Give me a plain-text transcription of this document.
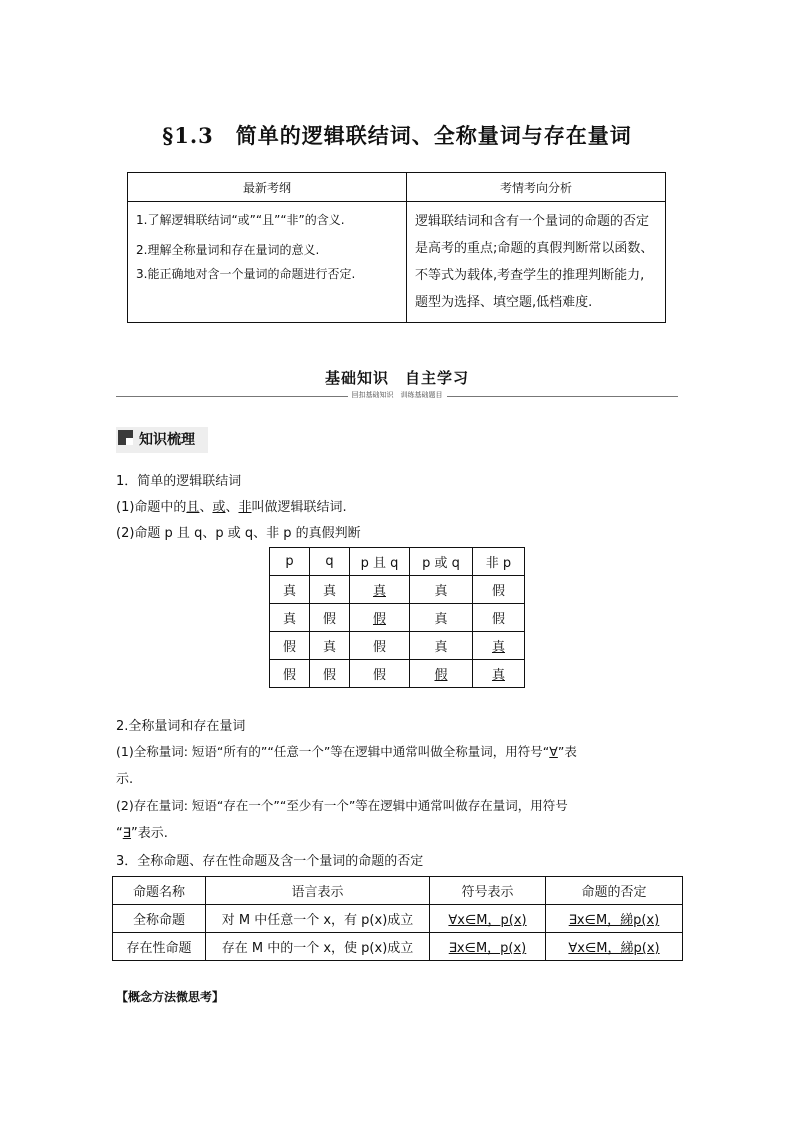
§1.3　简单的逻辑联结词、全称量词与存在量词
最新考纲	考情考向分析

1.了解逻辑联结词“或”“且”“非”的含义.
2.理解全称量词和存在量词的意义.
3.能正确地对含一个量词的命题进行否定.	逻辑联结词和含有一个量词的命题的否定是高考的重点;命题的真假判断常以函数、不等式为载体,考查学生的推理判断能力,题型为选择、填空题,低档难度.
基础知识　自主学习
回扣基础知识　训练基础题目
知识梳理
1．简单的逻辑联结词
(1)命题中的且、或、非叫做逻辑联结词.
(2)命题 p 且 q、p 或 q、非 p 的真假判断
p	q	p 且 q	p 或 q	非 p
真	真	真	真	假
真	假	假	真	假
假	真	假	真	真
假	假	假	假	真
2.全称量词和存在量词
(1)全称量词: 短语“所有的”“任意一个”等在逻辑中通常叫做全称量词，用符号“∀”表
示.
(2)存在量词: 短语“存在一个”“至少有一个”等在逻辑中通常叫做存在量词，用符号
“∃”表示.
3．全称命题、存在性命题及含一个量词的命题的否定
命题名称	语言表示	符号表示	命题的否定
全称命题	对 M 中任意一个 x，有 p(x)成立	∀x∈M，p(x)	∃x∈M，綈p(x)
存在性命题	存在 M 中的一个 x，使 p(x)成立	∃x∈M，p(x)	∀x∈M，綈p(x)
【概念方法微思考】
